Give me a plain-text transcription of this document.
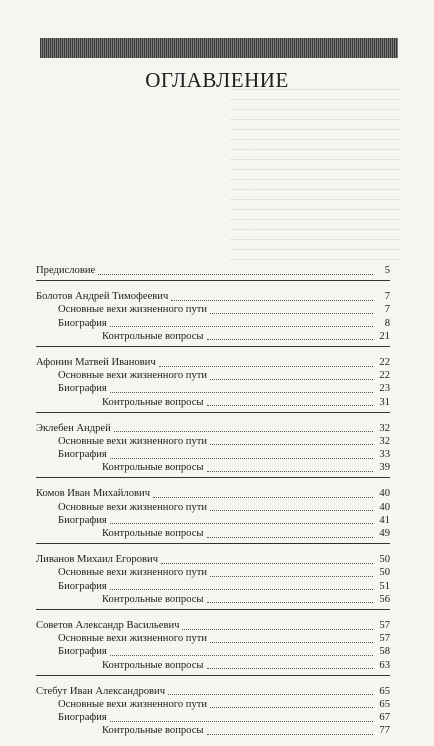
ОГЛАВЛЕНИЕ
Предисловие	5
Болотов Андрей Тимофеевич	7
Основные вехи жизненного пути	7
Биография	8
Контрольные вопросы	21
Афонин Матвей Иванович	22
Основные вехи жизненного пути	22
Биография	23
Контрольные вопросы	31
Эклебен Андрей	32
Основные вехи жизненного пути	32
Биография	33
Контрольные вопросы	39
Комов Иван Михайлович	40
Основные вехи жизненного пути	40
Биография	41
Контрольные вопросы	49
Ливанов Михаил Егорович	50
Основные вехи жизненного пути	50
Биография	51
Контрольные вопросы	56
Советов Александр Васильевич	57
Основные вехи жизненного пути	57
Биография	58
Контрольные вопросы	63
Стебут Иван Александрович	65
Основные вехи жизненного пути	65
Биография	67
Контрольные вопросы	77
